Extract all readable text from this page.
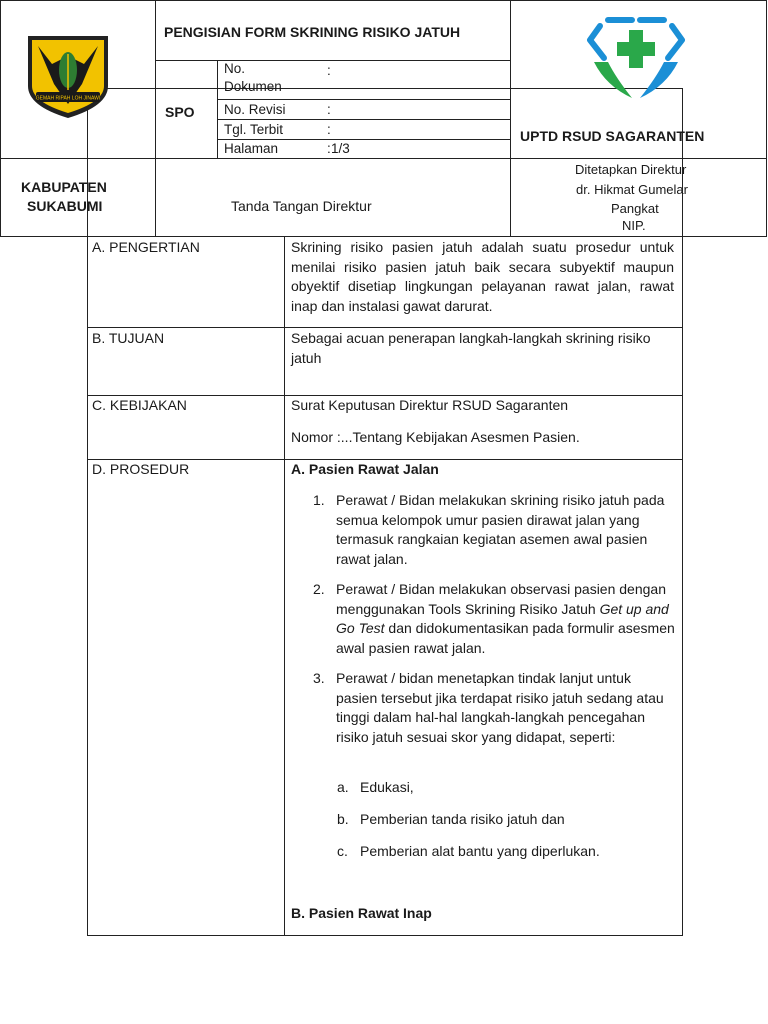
GEMAH RIPAH LOH JINAWI
PENGISIAN FORM SKRINING RISIKO JATUH
SPO
No. Dokumen
:
No. Revisi	:
Tgl. Terbit	:
Halaman	: 1/3
UPTD RSUD SAGARANTEN
KABUPATEN
SUKABUMI	Tanda Tangan Direktur
Ditetapkan Direktur
dr. Hikmat Gumelar
Pangkat
NIP.
A. PENGERTIAN	Skrining risiko pasien jatuh adalah suatu prosedur untuk menilai risiko pasien jatuh baik secara subyektif maupun obyektif disetiap lingkungan pelayanan rawat jalan, rawat inap dan instalasi gawat darurat.
B. TUJUAN	Sebagai acuan penerapan langkah-langkah skrining risiko jatuh
C. KEBIJAKAN	Surat Keputusan Direktur RSUD Sagaranten
Nomor :...Tentang Kebijakan Asesmen Pasien.
D. PROSEDUR	A. Pasien Rawat Jalan
1. Perawat / Bidan melakukan skrining risiko jatuh pada semua kelompok umur pasien dirawat jalan yang termasuk rangkaian kegiatan asemen awal pasien rawat jalan.
2. Perawat / Bidan melakukan observasi pasien dengan menggunakan Tools Skrining Risiko Jatuh Get up and Go Test dan didokumentasikan pada formulir asesmen awal pasien rawat jalan.
3. Perawat / bidan menetapkan tindak lanjut untuk pasien tersebut jika terdapat risiko jatuh sedang atau tinggi dalam hal-hal langkah-langkah pencegahan risiko jatuh sesuai skor yang didapat, seperti:
a. Edukasi,
b. Pemberian tanda risiko jatuh dan
c. Pemberian alat bantu yang diperlukan.
B. Pasien Rawat Inap
